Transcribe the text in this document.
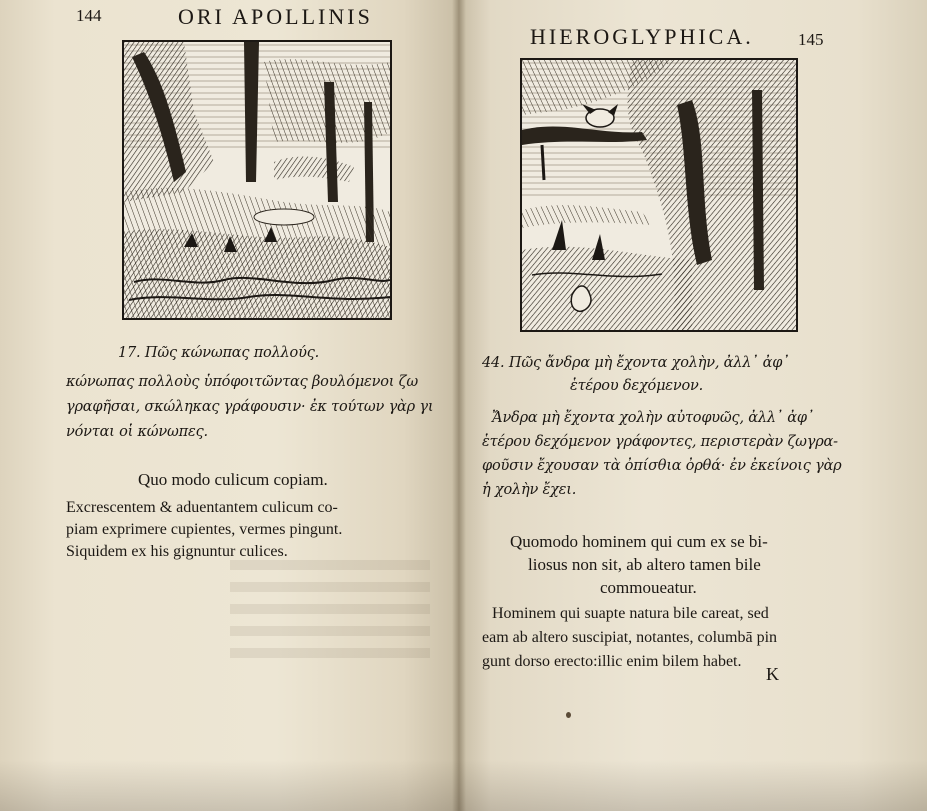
144	ORI APOLLINIS
17. Πῶς κώνωπας πολλούς.
κώνωπας πολλοὺς ὑπόφοιτῶντας βουλόμενοι ζω
γραφῆσαι, σκώληκας γράφουσιν· ἐκ τούτων γὰρ γι
νόνται οἱ κώνωπες.
Quo modo culicum copiam.
Excrescentem & aduentantem culicum co-
piam exprimere cupientes, vermes pingunt.
Siquidem ex his gignuntur culices.
HIEROGLYPHICA.	145
44. Πῶς ἄνδρα μὴ ἔχοντα χολὴν, ἀλλ᾽ ἀφ᾽
ἑτέρου δεχόμενον.
Ἄνδρα μὴ ἔχοντα χολὴν αὐτοφυῶς, ἀλλ᾽ ἀφ᾽
ἑτέρου δεχόμενον γράφοντες, περιστερὰν ζωγρα-
φοῦσιν ἔχουσαν τὰ ὀπίσθια ὀρθά· ἐν ἐκείνοις γὰρ
ἡ χολὴν ἔχει.
Quomodo hominem qui cum ex se bi-
liosus non sit, ab altero tamen bile
commoueatur.
Hominem qui suapte natura bile careat, sed
eam ab altero suscipiat, notantes, columbā pin
gunt dorso erecto:illic enim bilem habet.
K
